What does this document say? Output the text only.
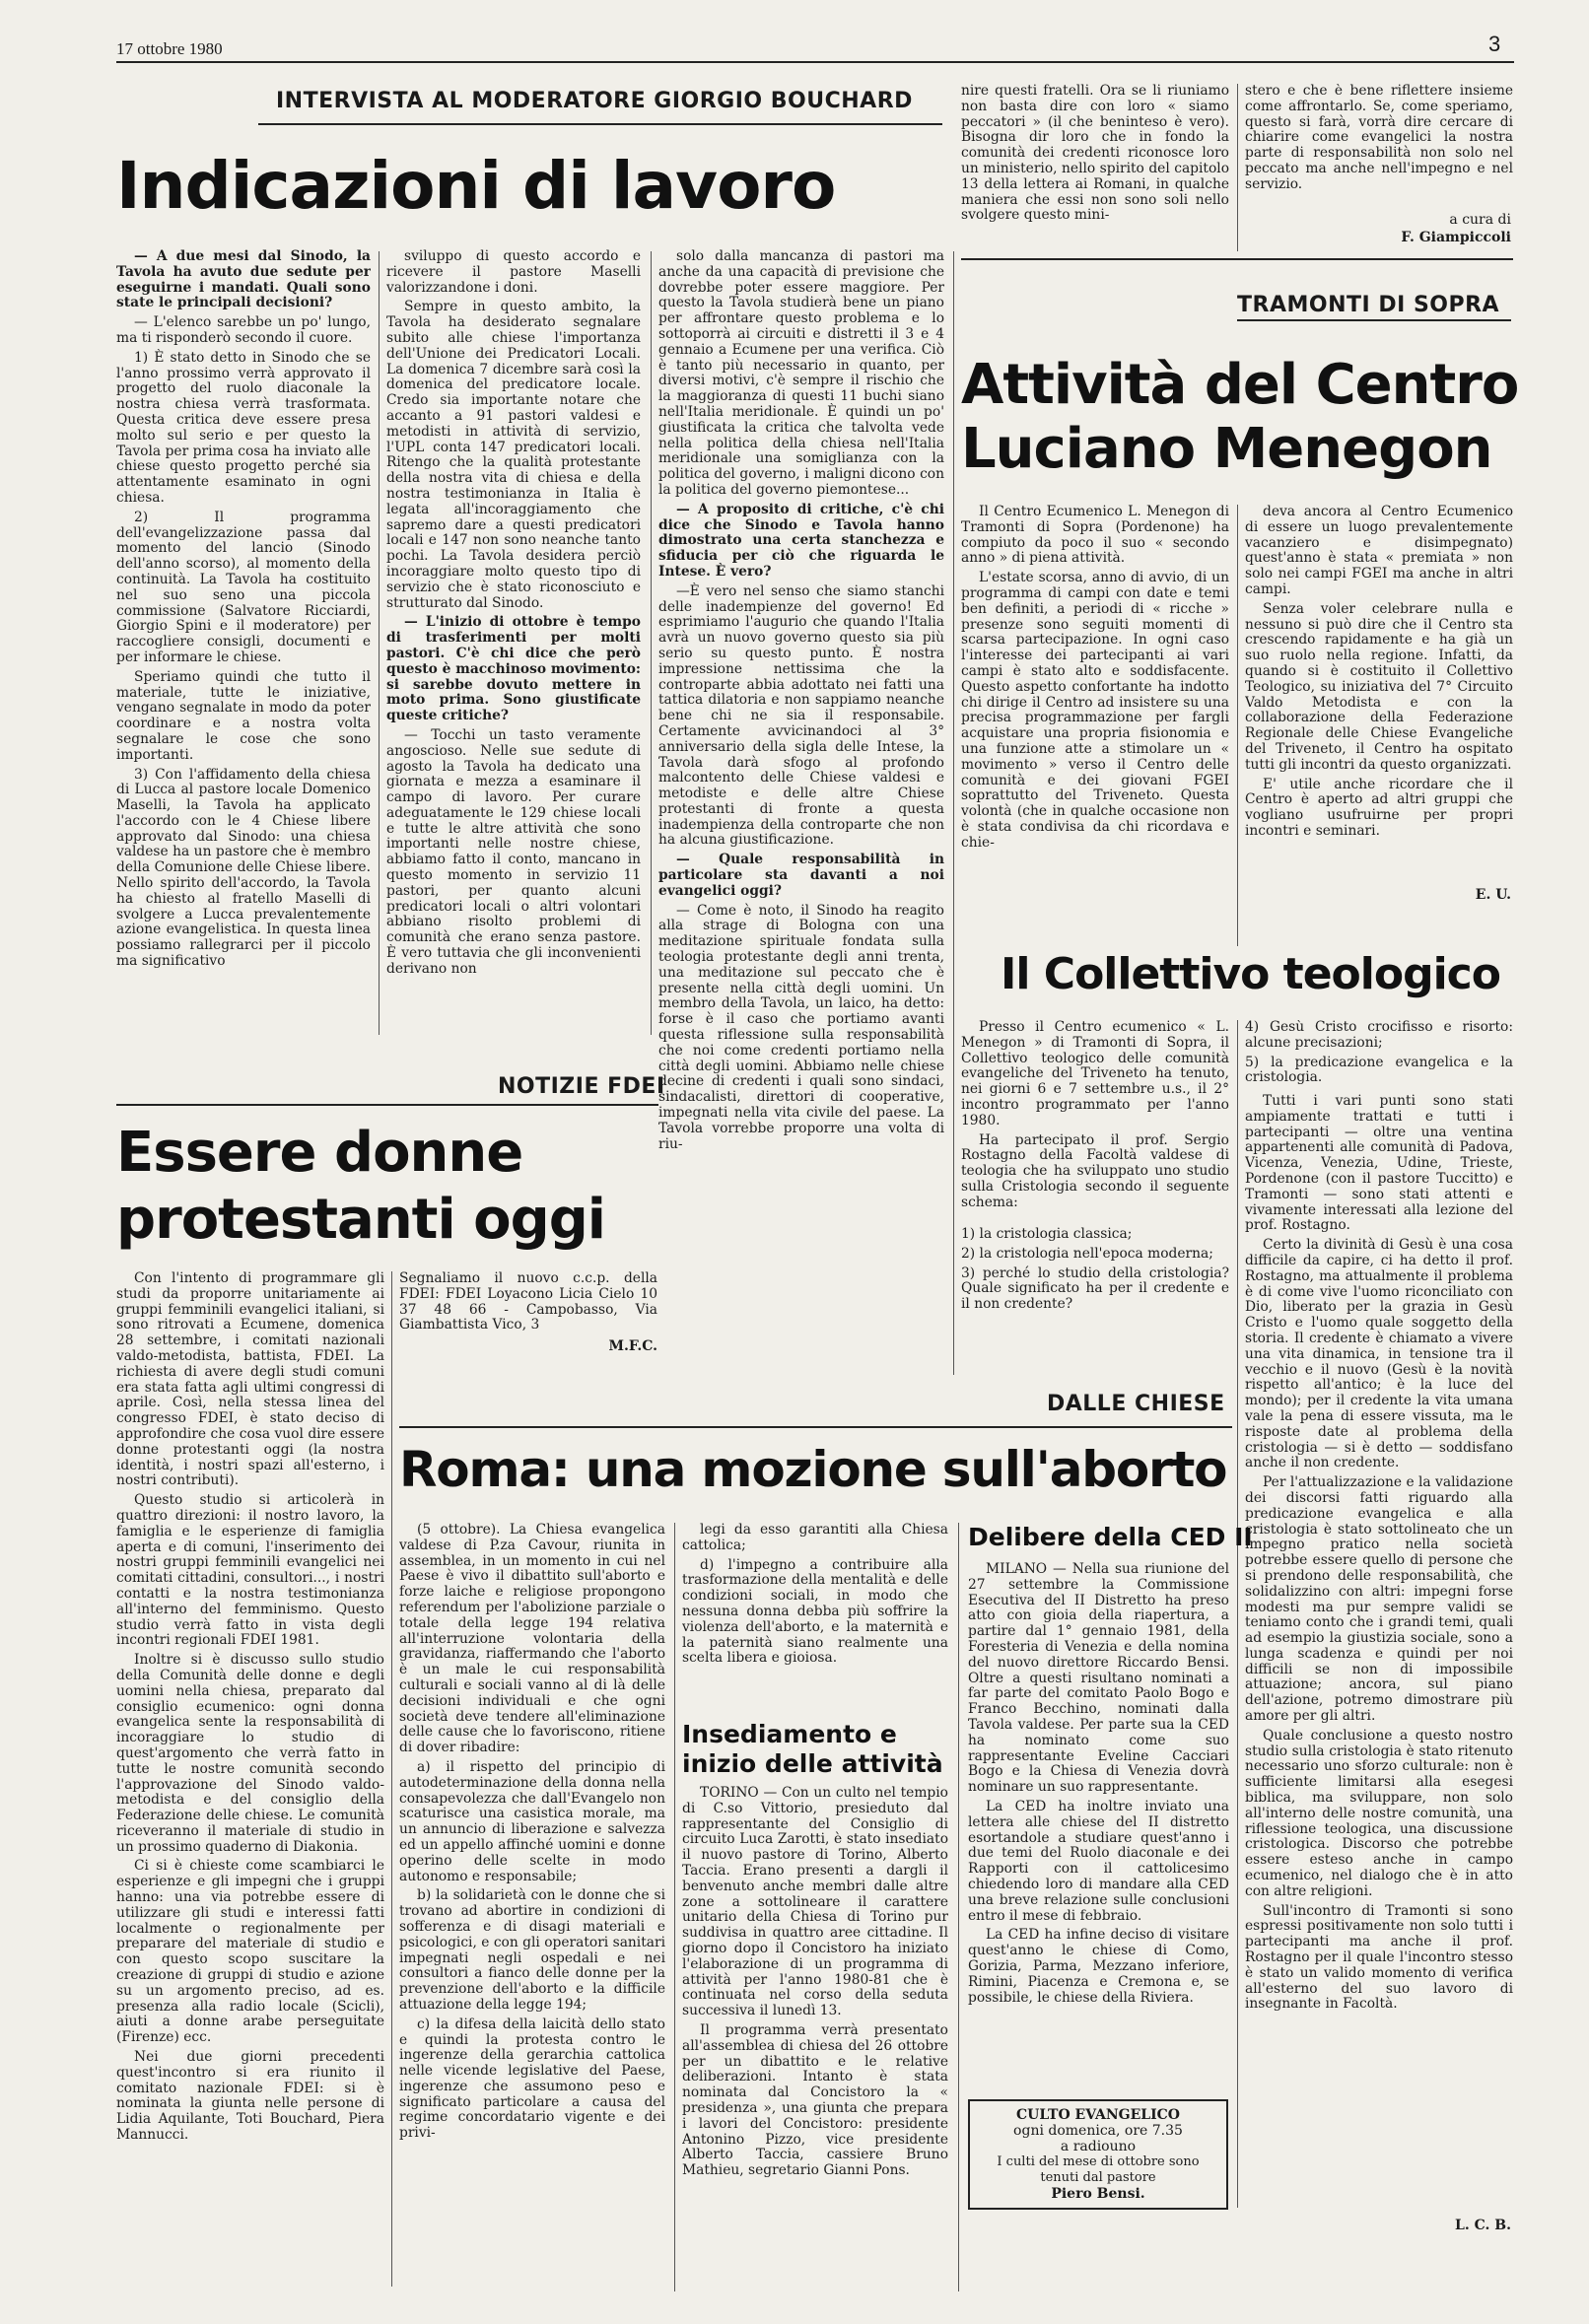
17 ottobre 1980	3
INTERVISTA AL MODERATORE GIORGIO BOUCHARD
Indicazioni di lavoro

— A due mesi dal Sinodo, la Tavola ha avuto due sedute per eseguirne i mandati. Quali sono state le principali decisioni?

— L'elenco sarebbe un po' lungo, ma ti risponderò secondo il cuore.

1) È stato detto in Sinodo che se l'anno prossimo verrà approvato il progetto del ruolo diaconale la nostra chiesa verrà trasformata. Questa critica deve essere presa molto sul serio e per questo la Tavola per prima cosa ha inviato alle chiese questo progetto perché sia attentamente esaminato in ogni chiesa.

2) Il programma dell'evangelizzazione passa dal momento del lancio (Sinodo dell'anno scorso), al momento della continuità. La Tavola ha costituito nel suo seno una piccola commissione (Salvatore Ricciardi, Giorgio Spini e il moderatore) per raccogliere consigli, documenti e per informare le chiese.

Speriamo quindi che tutto il materiale, tutte le iniziative, vengano segnalate in modo da poter coordinare e a nostra volta segnalare le cose che sono importanti.

3) Con l'affidamento della chiesa di Lucca al pastore locale Domenico Maselli, la Tavola ha applicato l'accordo con le 4 Chiese libere approvato dal Sinodo: una chiesa valdese ha un pastore che è membro della Comunione delle Chiese libere. Nello spirito dell'accordo, la Tavola ha chiesto al fratello Maselli di svolgere a Lucca prevalentemente azione evangelistica. In questa linea possiamo rallegrarci per il piccolo ma significativo

sviluppo di questo accordo e ricevere il pastore Maselli valorizzandone i doni.

Sempre in questo ambito, la Tavola ha desiderato segnalare subito alle chiese l'importanza dell'Unione dei Predicatori Locali. La domenica 7 dicembre sarà così la domenica del predicatore locale. Credo sia importante notare che accanto a 91 pastori valdesi e metodisti in attività di servizio, l'UPL conta 147 predicatori locali. Ritengo che la qualità protestante della nostra vita di chiesa e della nostra testimonianza in Italia è legata all'incoraggiamento che sapremo dare a questi predicatori locali e 147 non sono neanche tanto pochi. La Tavola desidera perciò incoraggiare molto questo tipo di servizio che è stato riconosciuto e strutturato dal Sinodo.

— L'inizio di ottobre è tempo di trasferimenti per molti pastori. C'è chi dice che però questo è macchinoso movimento: si sarebbe dovuto mettere in moto prima. Sono giustificate queste critiche?

— Tocchi un tasto veramente angoscioso. Nelle sue sedute di agosto la Tavola ha dedicato una giornata e mezza a esaminare il campo di lavoro. Per curare adeguatamente le 129 chiese locali e tutte le altre attività che sono importanti nelle nostre chiese, abbiamo fatto il conto, mancano in questo momento in servizio 11 pastori, per quanto alcuni predicatori locali o altri volontari abbiano risolto problemi di comunità che erano senza pastore. È vero tuttavia che gli inconvenienti derivano non

solo dalla mancanza di pastori ma anche da una capacità di previsione che dovrebbe poter essere maggiore. Per questo la Tavola studierà bene un piano per affrontare questo problema e lo sottoporrà ai circuiti e distretti il 3 e 4 gennaio a Ecumene per una verifica. Ciò è tanto più necessario in quanto, per diversi motivi, c'è sempre il rischio che la maggioranza di questi 11 buchi siano nell'Italia meridionale. È quindi un po' giustificata la critica che talvolta vede nella politica della chiesa nell'Italia meridionale una somiglianza con la politica del governo, i maligni dicono con la politica del governo piemontese...

— A proposito di critiche, c'è chi dice che Sinodo e Tavola hanno dimostrato una certa stanchezza e sfiducia per ciò che riguarda le Intese. È vero?

—È vero nel senso che siamo stanchi delle inadempienze del governo! Ed esprimiamo l'augurio che quando l'Italia avrà un nuovo governo questo sia più serio su questo punto. È nostra impressione nettissima che la controparte abbia adottato nei fatti una tattica dilatoria e non sappiamo neanche bene chi ne sia il responsabile. Certamente avvicinandoci al 3° anniversario della sigla delle Intese, la Tavola darà sfogo al profondo malcontento delle Chiese valdesi e metodiste e delle altre Chiese protestanti di fronte a questa inadempienza della controparte che non ha alcuna giustificazione.

— Quale responsabilità in particolare sta davanti a noi evangelici oggi?

— Come è noto, il Sinodo ha reagito alla strage di Bologna con una meditazione spirituale fondata sulla teologia protestante degli anni trenta, una meditazione sul peccato che è presente nella città degli uomini. Un membro della Tavola, un laico, ha detto: forse è il caso che portiamo avanti questa riflessione sulla responsabilità che noi come credenti portiamo nella città degli uomini. Abbiamo nelle chiese decine di credenti i quali sono sindaci, sindacalisti, direttori di cooperative, impegnati nella vita civile del paese. La Tavola vorrebbe proporre una volta di riu-

nire questi fratelli. Ora se li riuniamo non basta dire con loro « siamo peccatori » (il che beninteso è vero). Bisogna dir loro che in fondo la comunità dei credenti riconosce loro un ministerio, nello spirito del capitolo 13 della lettera ai Romani, in qualche maniera che essi non sono soli nello svolgere questo mini-

stero e che è bene riflettere insieme come affrontarlo. Se, come speriamo, questo si farà, vorrà dire cercare di chiarire come evangelici la nostra parte di responsabilità non solo nel peccato ma anche nell'impegno e nel servizio.

a cura di
F. Giampiccoli
TRAMONTI DI SOPRA
Attività del Centro
Luciano Menegon

Il Centro Ecumenico L. Menegon di Tramonti di Sopra (Pordenone) ha compiuto da poco il suo « secondo anno » di piena attività.

L'estate scorsa, anno di avvio, di un programma di campi con date e temi ben definiti, a periodi di « ricche » presenze sono seguiti momenti di scarsa partecipazione. In ogni caso l'interesse dei partecipanti ai vari campi è stato alto e soddisfacente. Questo aspetto confortante ha indotto chi dirige il Centro ad insistere su una precisa programmazione per fargli acquistare una propria fisionomia e una funzione atte a stimolare un « movimento » verso il Centro delle comunità e dei giovani FGEI soprattutto del Triveneto. Questa volontà (che in qualche occasione non è stata condivisa da chi ricordava e chie-

deva ancora al Centro Ecumenico di essere un luogo prevalentemente vacanziero e disimpegnato) quest'anno è stata « premiata » non solo nei campi FGEI ma anche in altri campi.

Senza voler celebrare nulla e nessuno si può dire che il Centro sta crescendo rapidamente e ha già un suo ruolo nella regione. Infatti, da quando si è costituito il Collettivo Teologico, su iniziativa del 7° Circuito Valdo Metodista e con la collaborazione della Federazione Regionale delle Chiese Evangeliche del Triveneto, il Centro ha ospitato tutti gli incontri da questo organizzati.

E' utile anche ricordare che il Centro è aperto ad altri gruppi che vogliano usufruirne per propri incontri e seminari.

E. U.
Il Collettivo teologico

Presso il Centro ecumenico « L. Menegon » di Tramonti di Sopra, il Collettivo teologico delle comunità evangeliche del Triveneto ha tenuto, nei giorni 6 e 7 settembre u.s., il 2° incontro programmato per l'anno 1980.

Ha partecipato il prof. Sergio Rostagno della Facoltà valdese di teologia che ha sviluppato uno studio sulla Cristologia secondo il seguente schema:

1) la cristologia classica;

2) la cristologia nell'epoca moderna;

3) perché lo studio della cristologia? Quale significato ha per il credente e il non credente?

4) Gesù Cristo crocifisso e risorto: alcune precisazioni;

5) la predicazione evangelica e la cristologia.

Tutti i vari punti sono stati ampiamente trattati e tutti i partecipanti — oltre una ventina appartenenti alle comunità di Padova, Vicenza, Venezia, Udine, Trieste, Pordenone (con il pastore Tuccitto) e Tramonti — sono stati attenti e vivamente interessati alla lezione del prof. Rostagno.

Certo la divinità di Gesù è una cosa difficile da capire, ci ha detto il prof. Rostagno, ma attualmente il problema è di come vive l'uomo riconciliato con Dio, liberato per la grazia in Gesù Cristo e l'uomo quale soggetto della storia. Il credente è chiamato a vivere una vita dinamica, in tensione tra il vecchio e il nuovo (Gesù è la novità rispetto all'antico; è la luce del mondo); per il credente la vita umana vale la pena di essere vissuta, ma le risposte date al problema della cristologia — si è detto — soddisfano anche il non credente.

Per l'attualizzazione e la validazione dei discorsi fatti riguardo alla predicazione evangelica e alla cristologia è stato sottolineato che un impegno pratico nella società potrebbe essere quello di persone che si prendono delle responsabilità, che solidalizzino con altri: impegni forse modesti ma pur sempre validi se teniamo conto che i grandi temi, quali ad esempio la giustizia sociale, sono a lunga scadenza e quindi per noi difficili se non di impossibile attuazione; ancora, sul piano dell'azione, potremo dimostrare più amore per gli altri.

Quale conclusione a questo nostro studio sulla cristologia è stato ritenuto necessario uno sforzo culturale: non è sufficiente limitarsi alla esegesi biblica, ma sviluppare, non solo all'interno delle nostre comunità, una riflessione teologica, una discussione cristologica. Discorso che potrebbe essere esteso anche in campo ecumenico, nel dialogo che è in atto con altre religioni.

Sull'incontro di Tramonti si sono espressi positivamente non solo tutti i partecipanti ma anche il prof. Rostagno per il quale l'incontro stesso è stato un valido momento di verifica all'esterno del suo lavoro di insegnante in Facoltà.

L. C. B.
NOTIZIE FDEI
Essere donne
protestanti oggi

Con l'intento di programmare gli studi da proporre unitariamente ai gruppi femminili evangelici italiani, si sono ritrovati a Ecumene, domenica 28 settembre, i comitati nazionali valdo-metodista, battista, FDEI. La richiesta di avere degli studi comuni era stata fatta agli ultimi congressi di aprile. Così, nella stessa linea del congresso FDEI, è stato deciso di approfondire che cosa vuol dire essere donne protestanti oggi (la nostra identità, i nostri spazi all'esterno, i nostri contributi).

Questo studio si articolerà in quattro direzioni: il nostro lavoro, la famiglia e le esperienze di famiglia aperta e di comuni, l'inserimento dei nostri gruppi femminili evangelici nei comitati cittadini, consultori..., i nostri contatti e la nostra testimonianza all'interno del femminismo. Questo studio verrà fatto in vista degli incontri regionali FDEI 1981.

Inoltre si è discusso sullo studio della Comunità delle donne e degli uomini nella chiesa, preparato dal consiglio ecumenico: ogni donna evangelica sente la responsabilità di incoraggiare lo studio di quest'argomento che verrà fatto in tutte le nostre comunità secondo l'approvazione del Sinodo valdo-metodista e del consiglio della Federazione delle chiese. Le comunità riceveranno il materiale di studio in un prossimo quaderno di Diakonia.

Ci si è chieste come scambiarci le esperienze e gli impegni che i gruppi hanno: una via potrebbe essere di utilizzare gli studi e interessi fatti localmente o regionalmente per preparare del materiale di studio e con questo scopo suscitare la creazione di gruppi di studio e azione su un argomento preciso, ad es. presenza alla radio locale (Scicli), aiuti a donne arabe perseguitate (Firenze) ecc.

Nei due giorni precedenti quest'incontro si era riunito il comitato nazionale FDEI: si è nominata la giunta nelle persone di Lidia Aquilante, Toti Bouchard, Piera Mannucci.

Segnaliamo il nuovo c.c.p. della FDEI: FDEI Loyacono Licia Cielo 10 37 48 66 - Campobasso, Via Giambattista Vico, 3

M.F.C.
DALLE CHIESE
Roma: una mozione sull'aborto

(5 ottobre). La Chiesa evangelica valdese di P.za Cavour, riunita in assemblea, in un momento in cui nel Paese è vivo il dibattito sull'aborto e forze laiche e religiose propongono referendum per l'abolizione parziale o totale della legge 194 relativa all'interruzione volontaria della gravidanza, riaffermando che l'aborto è un male le cui responsabilità culturali e sociali vanno al di là delle decisioni individuali e che ogni società deve tendere all'eliminazione delle cause che lo favoriscono, ritiene di dover ribadire:

a) il rispetto del principio di autodeterminazione della donna nella consapevolezza che dall'Evangelo non scaturisce una casistica morale, ma un annuncio di liberazione e salvezza ed un appello affinché uomini e donne operino delle scelte in modo autonomo e responsabile;

b) la solidarietà con le donne che si trovano ad abortire in condizioni di sofferenza e di disagi materiali e psicologici, e con gli operatori sanitari impegnati negli ospedali e nei consultori a fianco delle donne per la prevenzione dell'aborto e la difficile attuazione della legge 194;

c) la difesa della laicità dello stato e quindi la protesta contro le ingerenze della gerarchia cattolica nelle vicende legislative del Paese, ingerenze che assumono peso e significato particolare a causa del regime concordatario vigente e dei privi-

legi da esso garantiti alla Chiesa cattolica;

d) l'impegno a contribuire alla trasformazione della mentalità e delle condizioni sociali, in modo che nessuna donna debba più soffrire la violenza dell'aborto, e la maternità e la paternità siano realmente una scelta libera e gioiosa.

Insediamento e
inizio delle attività

TORINO — Con un culto nel tempio di C.so Vittorio, presieduto dal rappresentante del Consiglio di circuito Luca Zarotti, è stato insediato il nuovo pastore di Torino, Alberto Taccia. Erano presenti a dargli il benvenuto anche membri dalle altre zone a sottolineare il carattere unitario della Chiesa di Torino pur suddivisa in quattro aree cittadine. Il giorno dopo il Concistoro ha iniziato l'elaborazione di un programma di attività per l'anno 1980-81 che è continuata nel corso della seduta successiva il lunedì 13.

Il programma verrà presentato all'assemblea di chiesa del 26 ottobre per un dibattito e le relative deliberazioni. Intanto è stata nominata dal Concistoro la « presidenza », una giunta che prepara i lavori del Concistoro: presidente Antonino Pizzo, vice presidente Alberto Taccia, cassiere Bruno Mathieu, segretario Gianni Pons.

Delibere della CED II

MILANO — Nella sua riunione del 27 settembre la Commissione Esecutiva del II Distretto ha preso atto con gioia della riapertura, a partire dal 1° gennaio 1981, della Foresteria di Venezia e della nomina del nuovo direttore Riccardo Bensi. Oltre a questi risultano nominati a far parte del comitato Paolo Bogo e Franco Becchino, nominati dalla Tavola valdese. Per parte sua la CED ha nominato come suo rappresentante Eveline Cacciari Bogo e la Chiesa di Venezia dovrà nominare un suo rappresentante.

La CED ha inoltre inviato una lettera alle chiese del II distretto esortandole a studiare quest'anno i due temi del Ruolo diaconale e dei Rapporti con il cattolicesimo chiedendo loro di mandare alla CED una breve relazione sulle conclusioni entro il mese di febbraio.

La CED ha infine deciso di visitare quest'anno le chiese di Como, Gorizia, Parma, Mezzano inferiore, Rimini, Piacenza e Cremona e, se possibile, le chiese della Riviera.

CULTO EVANGELICO
ogni domenica, ore 7.35
a radiouno
I culti del mese di ottobre sono tenuti dal pastore
Piero Bensi.
